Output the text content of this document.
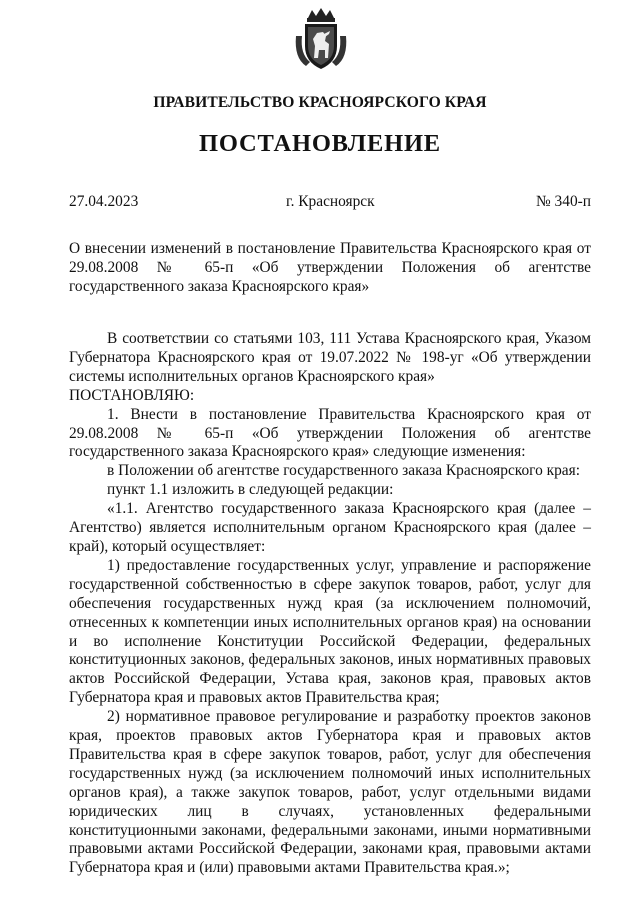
ПРАВИТЕЛЬСТВО КРАСНОЯРСКОГО КРАЯ
ПОСТАНОВЛЕНИЕ
27.04.2023	г. Красноярск	№ 340-п

О внесении изменений в постановление Правительства Красноярского края от 29.08.2008 № 65-п «Об утверждении Положения об агентстве государственного заказа Красноярского края»

В соответствии со статьями 103, 111 Устава Красноярского края, Указом Губернатора Красноярского края от 19.07.2022 № 198-уг «Об утверждении системы исполнительных органов Красноярского края»

ПОСТАНОВЛЯЮ:

1. Внести в постановление Правительства Красноярского края от 29.08.2008 № 65-п «Об утверждении Положения об агентстве государственного заказа Красноярского края» следующие изменения:

в Положении об агентстве государственного заказа Красноярского края:

пункт 1.1 изложить в следующей редакции:

«1.1. Агентство государственного заказа Красноярского края (далее – Агентство) является исполнительным органом Красноярского края (далее – край), который осуществляет:

1) предоставление государственных услуг, управление и распоряжение государственной собственностью в сфере закупок товаров, работ, услуг для обеспечения государственных нужд края (за исключением полномочий, отнесенных к компетенции иных исполнительных органов края) на основании и во исполнение Конституции Российской Федерации, федеральных конституционных законов, федеральных законов, иных нормативных правовых актов Российской Федерации, Устава края, законов края, правовых актов Губернатора края и правовых актов Правительства края;

2) нормативное правовое регулирование и разработку проектов законов края, проектов правовых актов Губернатора края и правовых актов Правительства края в сфере закупок товаров, работ, услуг для обеспечения государственных нужд (за исключением полномочий иных исполнительных органов края), а также закупок товаров, работ, услуг отдельными видами юридических лиц в случаях, установленных федеральными конституционными законами, федеральными законами, иными нормативными правовыми актами Российской Федерации, законами края, правовыми актами Губернатора края и (или) правовыми актами Правительства края.»;
